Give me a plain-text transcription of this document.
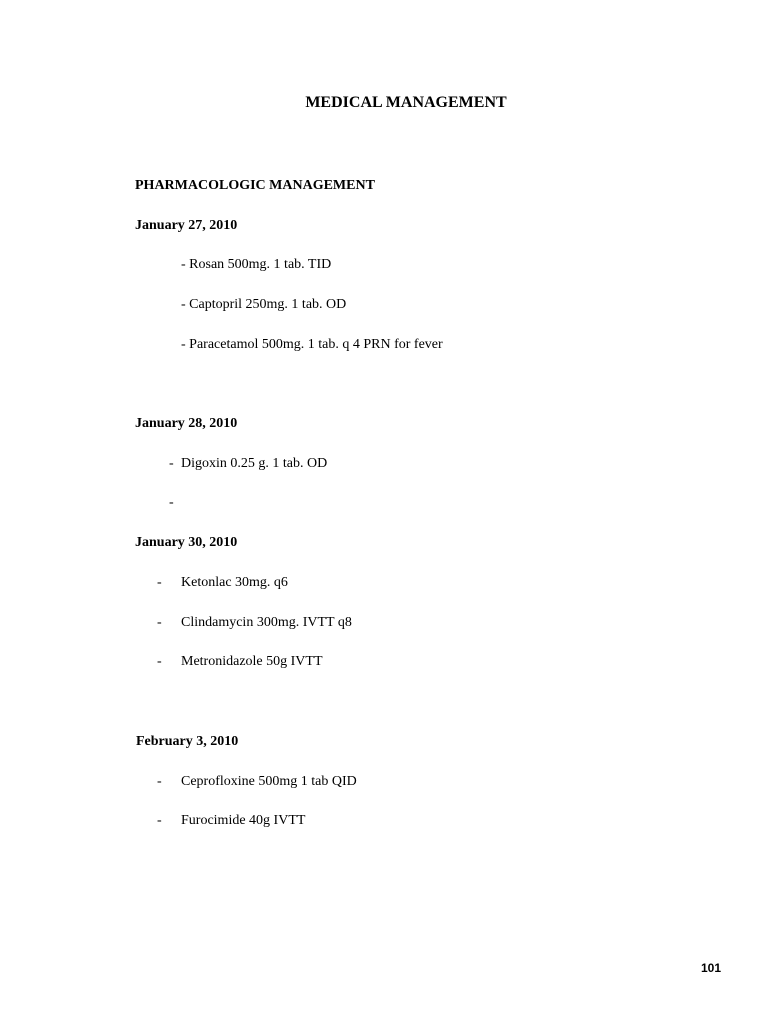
MEDICAL MANAGEMENT
PHARMACOLOGIC MANAGEMENT
January 27, 2010
- Rosan 500mg. 1 tab. TID
- Captopril 250mg. 1 tab. OD
- Paracetamol 500mg. 1 tab. q 4 PRN for fever
January 28, 2010
- Digoxin 0.25 g. 1 tab. OD
-
January 30, 2010
- Ketonlac 30mg. q6
- Clindamycin 300mg. IVTT q8
- Metronidazole 50g IVTT
February 3, 2010
- Ceprofloxine 500mg 1 tab QID
- Furocimide 40g IVTT
101
